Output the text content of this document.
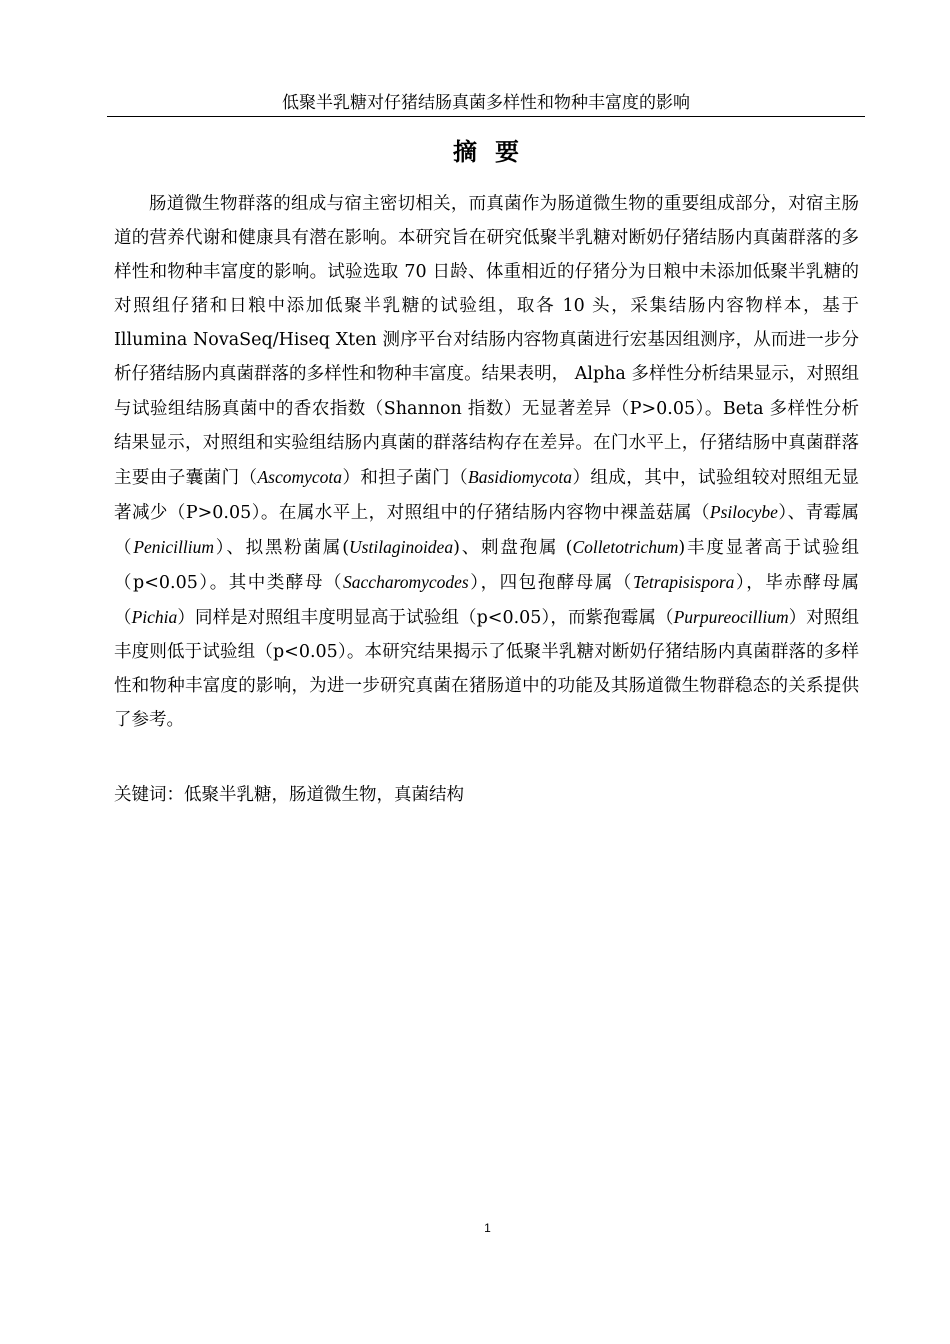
低聚半乳糖对仔猪结肠真菌多样性和物种丰富度的影响
摘要

肠道微生物群落的组成与宿主密切相关，而真菌作为肠道微生物的重要组成部分，对宿主肠道的营养代谢和健康具有潜在影响。本研究旨在研究低聚半乳糖对断奶仔猪结肠内真菌群落的多样性和物种丰富度的影响。试验选取 70 日龄、体重相近的仔猪分为日粮中未添加低聚半乳糖的对照组仔猪和日粮中添加低聚半乳糖的试验组，取各 10 头，采集结肠内容物样本，基于 Illumina NovaSeq/Hiseq Xten 测序平台对结肠内容物真菌进行宏基因组测序，从而进一步分析仔猪结肠内真菌群落的多样性和物种丰富度。结果表明， Alpha 多样性分析结果显示，对照组与试验组结肠真菌中的香农指数（Shannon 指数）无显著差异（P>0.05）。Beta 多样性分析结果显示，对照组和实验组结肠内真菌的群落结构存在差异。在门水平上，仔猪结肠中真菌群落主要由子囊菌门（Ascomycota）和担子菌门（Basidiomycota）组成，其中，试验组较对照组无显著减少（P>0.05）。在属水平上，对照组中的仔猪结肠内容物中裸盖菇属（Psilocybe）、青霉属（Penicillium）、拟黑粉菌属(Ustilaginoidea)、刺盘孢属 (Colletotrichum)丰度显著高于试验组（p<0.05）。其中类酵母（Saccharomycodes），四包孢酵母属（Tetrapisispora），毕赤酵母属（Pichia）同样是对照组丰度明显高于试验组（p<0.05），而紫孢霉属（Purpureocillium）对照组丰度则低于试验组（p<0.05）。本研究结果揭示了低聚半乳糖对断奶仔猪结肠内真菌群落的多样性和物种丰富度的影响，为进一步研究真菌在猪肠道中的功能及其肠道微生物群稳态的关系提供了参考。

关键词：低聚半乳糖，肠道微生物，真菌结构
1
